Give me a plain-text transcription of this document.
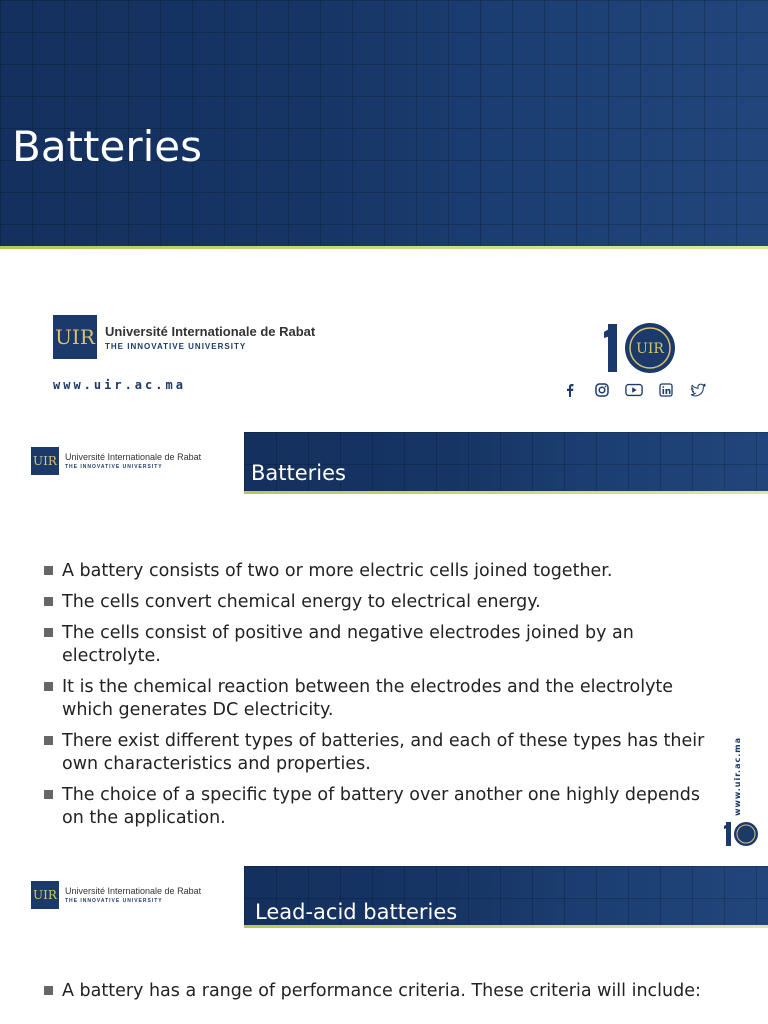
Batteries
UIR Université Internationale de Rabat
THE INNOVATIVE UNIVERSITY
www.uir.ac.ma
UIR
UIR Université Internationale de Rabat
THE INNOVATIVE UNIVERSITY	Batteries
A battery consists of two or more electric cells joined together.
The cells convert chemical energy to electrical energy.
The cells consist of positive and negative electrodes joined by an electrolyte.
It is the chemical reaction between the electrodes and the electrolyte which generates DC electricity.
There exist different types of batteries, and each of these types has their own characteristics and properties.
The choice of a specific type of battery over another one highly depends on the application.
www.uir.ac.ma
UIR Université Internationale de Rabat
THE INNOVATIVE UNIVERSITY	Lead-acid batteries
A battery has a range of performance criteria. These criteria will include:
